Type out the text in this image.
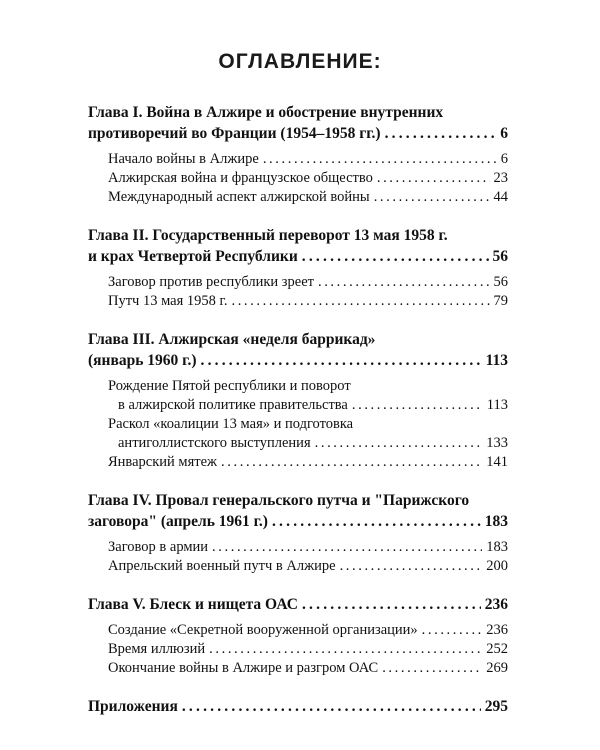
ОГЛАВЛЕНИЕ:
Глава I. Война в Алжире и обострение внутренних
противоречий во Франции (1954–1958 гг.) .....	6
Начало войны в Алжире .....	6
Алжирская война и французское общество .....	23
Международный аспект алжирской войны .....	44
Глава II. Государственный переворот 13 мая 1958 г.
и крах Четвертой Республики .....	56
Заговор против республики зреет .....	56
Путч 13 мая 1958 г. .....	79
Глава III. Алжирская «неделя баррикад»
(январь 1960 г.) .....	113
Рождение Пятой республики и поворот
в алжирской политике правительства .....	113
Раскол «коалиции 13 мая» и подготовка
антиголлистского выступления .....	133
Январский мятеж .....	141
Глава IV. Провал генеральского путча и "Парижского
заговора" (апрель 1961 г.) .....	183
Заговор в армии .....	183
Апрельский военный путч в Алжире .....	200
Глава V. Блеск и нищета ОАС .....	236
Создание «Секретной вооруженной организации» .....	236
Время иллюзий .....	252
Окончание войны в Алжире и разгром ОАС .....	269
Приложения .....	295
